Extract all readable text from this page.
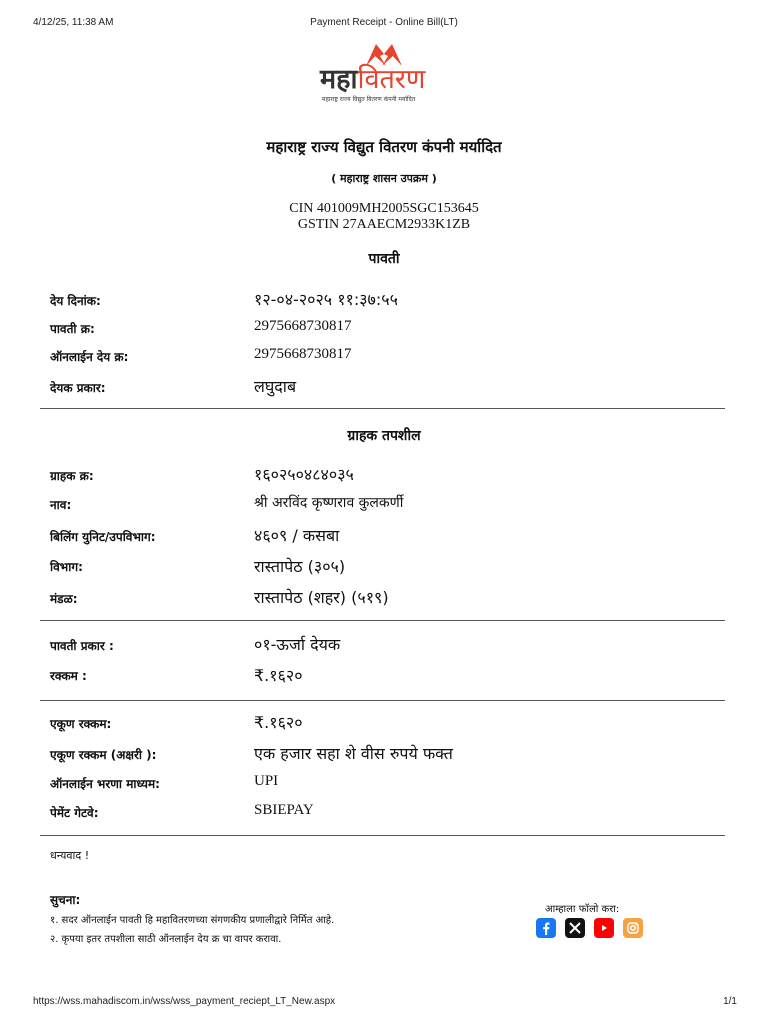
4/12/25, 11:38 AM	Payment Receipt - Online Bill(LT)
महावितरण
महाराष्ट्र राज्य विद्युत वितरण कंपनी मर्यादित
महाराष्ट्र राज्य विद्युत वितरण कंपनी मर्यादित
( महाराष्ट्र शासन उपक्रम )
CIN 401009MH2005SGC153645
GSTIN 27AAECM2933K1ZB
पावती
देय दिनांक:	१२-०४-२०२५ ११:३७:५५
पावती क्र:	2975668730817
ऑनलाईन देय क्र:	2975668730817
देयक प्रकार:	लघुदाब
ग्राहक तपशील
ग्राहक क्र:	१६०२५०४८४०३५
नाव:	श्री अरविंद कृष्णराव कुलकर्णी
बिलिंग युनिट/उपविभाग:	४६०९ / कसबा
विभाग:	रास्तापेठ (३०५)
मंडळ:	रास्तापेठ (शहर) (५१९)
पावती प्रकार :	०१-ऊर्जा देयक
रक्कम :	₹.१६२०
एकूण रक्कम:	₹.१६२०
एकूण रक्कम (अक्षरी ):	एक हजार सहा शे वीस रुपये फक्त
ऑनलाईन भरणा माध्यम:	UPI
पेमेंट गेटवे:	SBIEPAY
धन्यवाद !
सुचना:
१. सदर ऑनलाईन पावती हि महावितरणच्या संगणकीय प्रणालीद्वारे निर्मित आहे.
२. कृपया इतर तपशीला साठी ऑनलाईन देय क्र चा वापर करावा.
आम्हाला फॉलो करा:
https://wss.mahadiscom.in/wss/wss_payment_reciept_LT_New.aspx	1/1
